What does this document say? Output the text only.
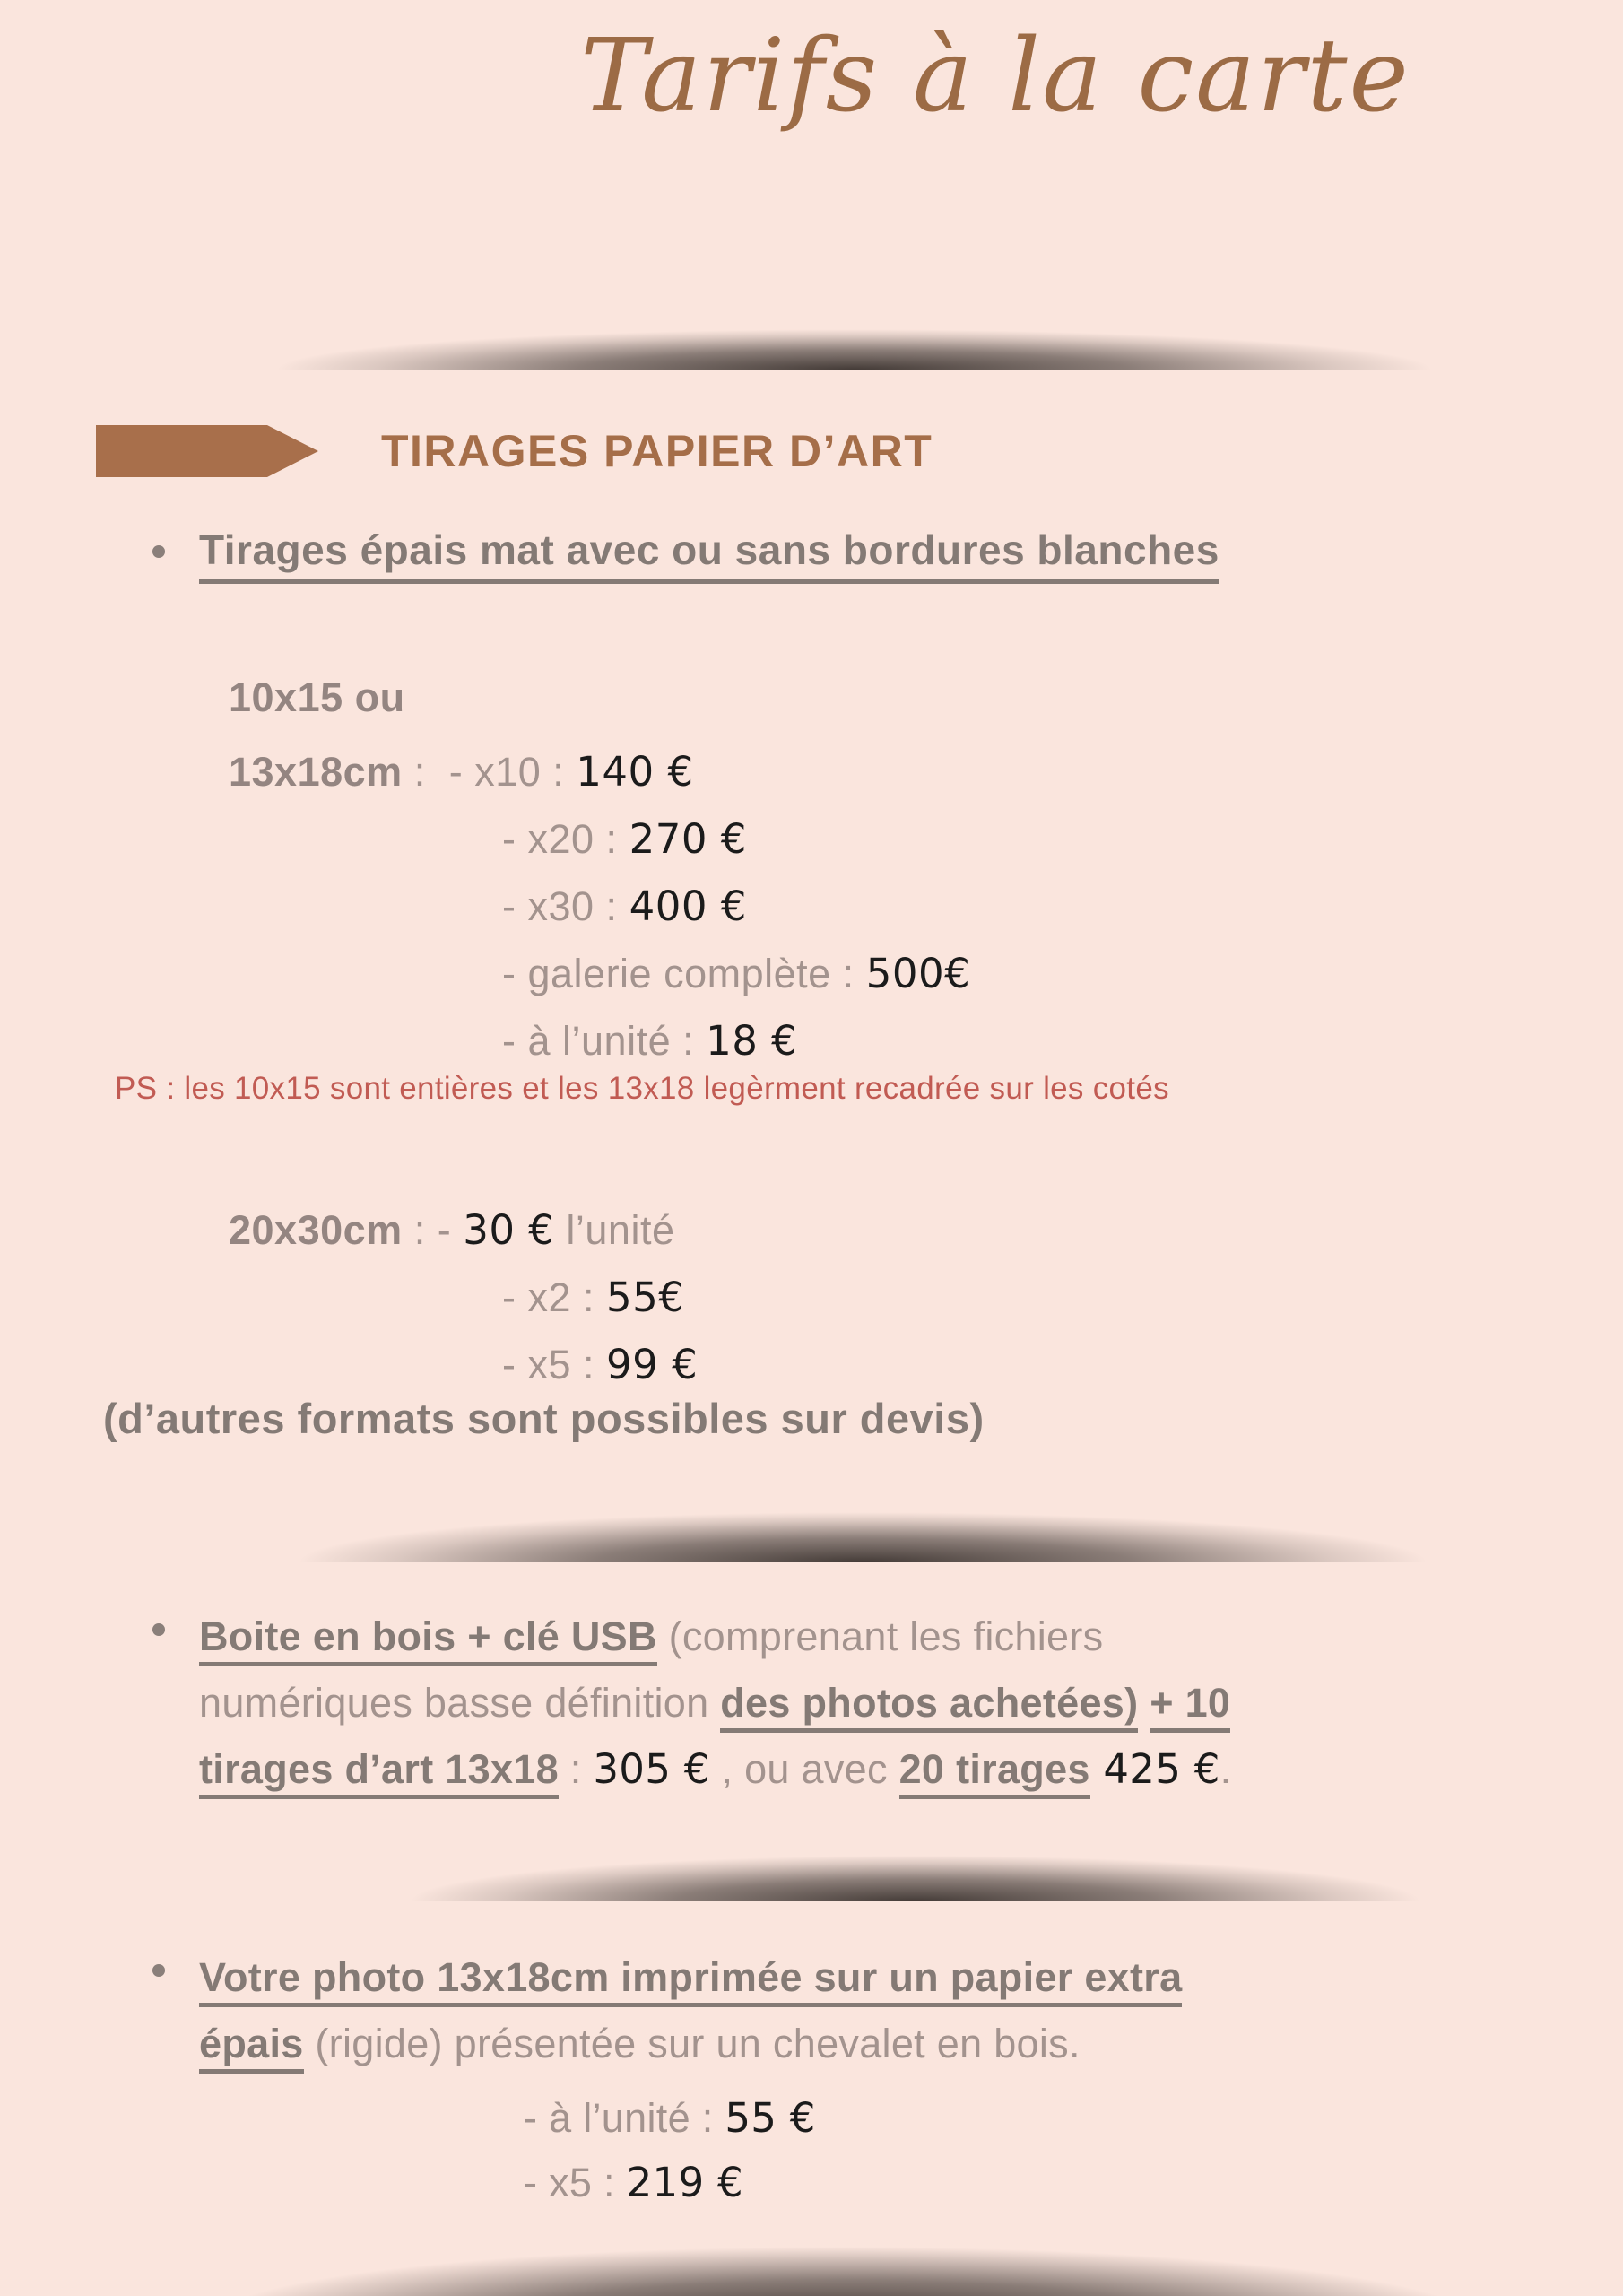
Tarifs à la carte
TIRAGES PAPIER D’ART
Tirages épais mat avec ou sans bordures blanches
10x15 ou
13x18cm :  - x10 : 140 €
- x20 : 270 €
- x30 : 400 €
- galerie complète : 500€
- à l’unité : 18 €
PS : les 10x15 sont entières et les 13x18 legèrment recadrée sur les cotés
20x30cm : - 30 € l’unité
- x2 : 55€
- x5 : 99 €
(d’autres formats sont possibles sur devis)
Boite en bois + clé USB (comprenant les fichiers
numériques basse définition des photos achetées) + 10
tirages d’art 13x18 : 305 € , ou avec 20 tirages 425 €.
Votre photo 13x18cm imprimée sur un papier extra
épais (rigide) présentée sur un chevalet en bois.
- à l’unité : 55 €
- x5 : 219 €
